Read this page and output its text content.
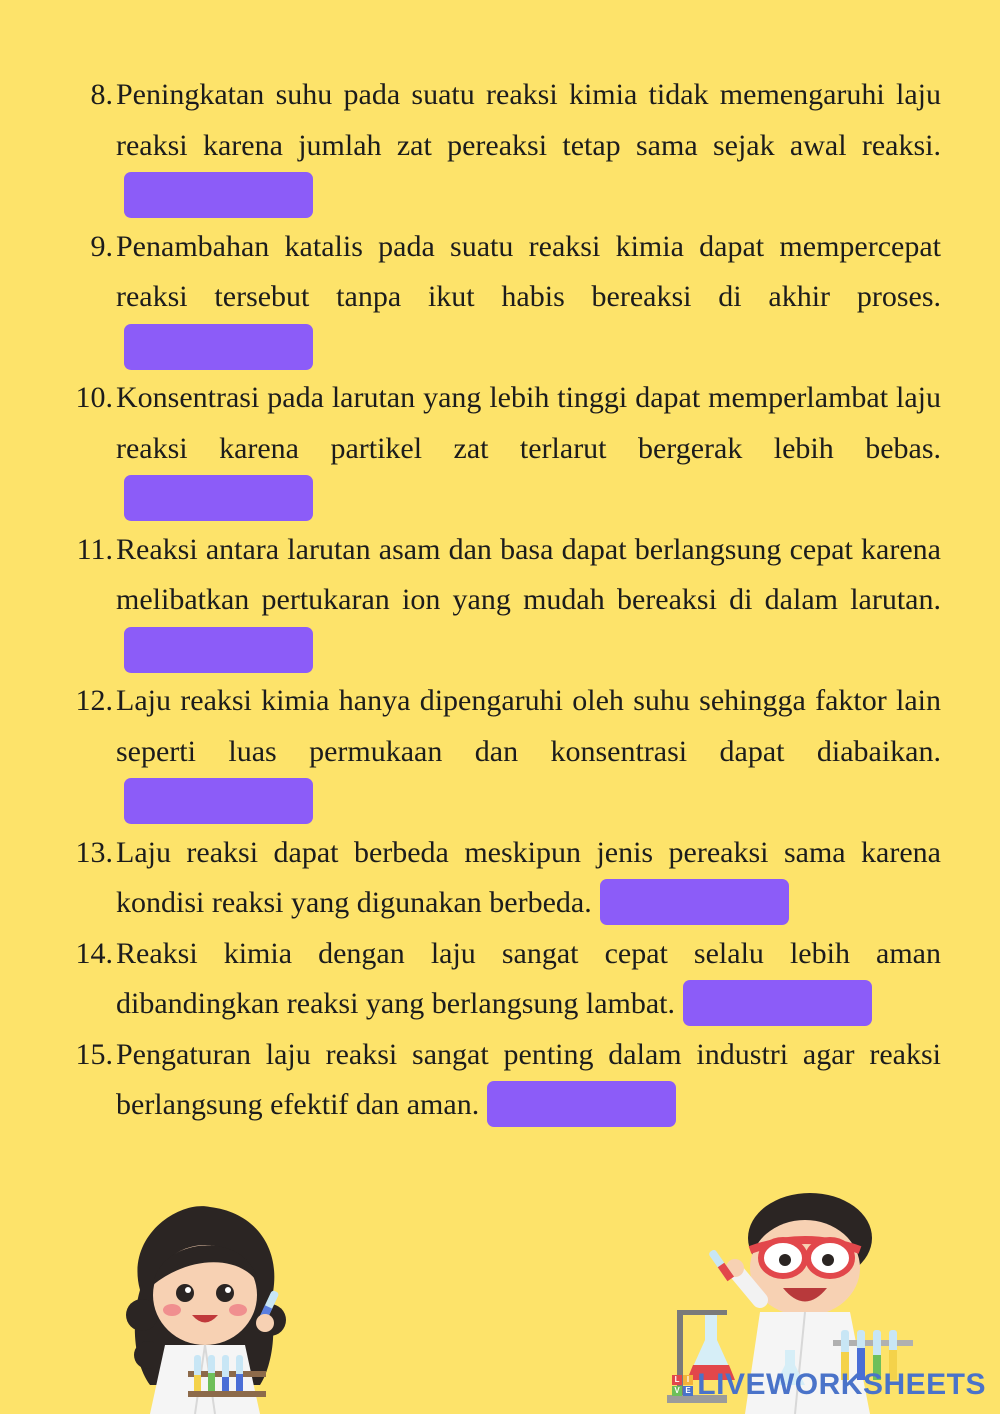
8. Peningkatan suhu pada suatu reaksi kimia tidak memengaruhi laju reaksi karena jumlah zat pereaksi tetap sama sejak awal reaksi.
9. Penambahan katalis pada suatu reaksi kimia dapat mempercepat reaksi tersebut tanpa ikut habis bereaksi di akhir proses.
10. Konsentrasi pada larutan yang lebih tinggi dapat memperlambat laju reaksi karena partikel zat terlarut bergerak lebih bebas.
11. Reaksi antara larutan asam dan basa dapat berlangsung cepat karena melibatkan pertukaran ion yang mudah bereaksi di dalam larutan.
12. Laju reaksi kimia hanya dipengaruhi oleh suhu sehingga faktor lain seperti luas permukaan dan konsentrasi dapat diabaikan.
13. Laju reaksi dapat berbeda meskipun jenis pereaksi sama karena kondisi reaksi yang digunakan berbeda.
14. Reaksi kimia dengan laju sangat cepat selalu lebih aman dibandingkan reaksi yang berlangsung lambat.
15. Pengaturan laju reaksi sangat penting dalam industri agar reaksi berlangsung efektif dan aman.
L I
V E LIVEWORKSHEETS
